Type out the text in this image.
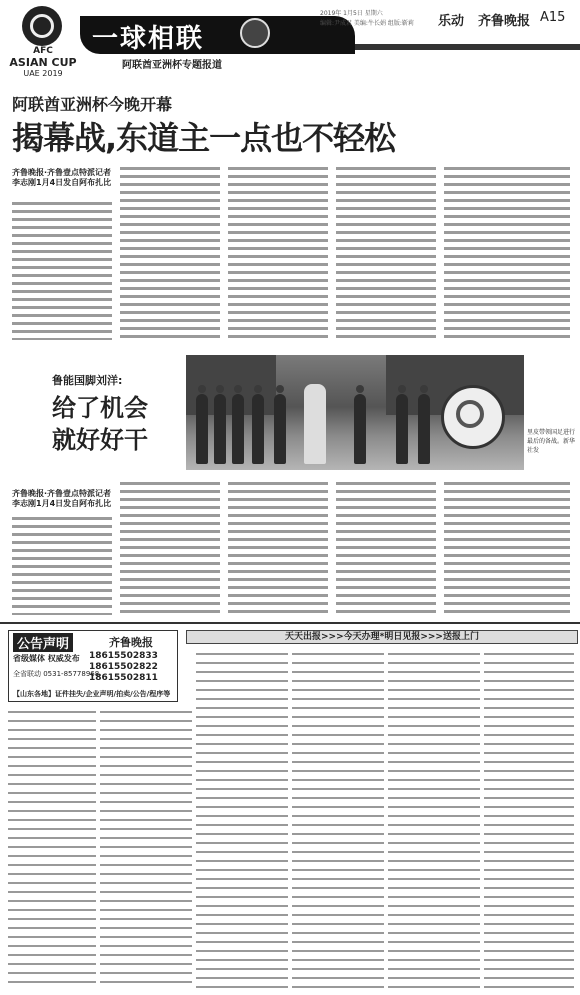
AFC
ASIAN CUP
UAE 2019
一球相联
阿联酋亚洲杯专题报道
2019年 1月5日 星期六
编辑:尹成君 美编:牛长娟 组版:靳莉 乐动 齐鲁晚报 A15
阿联酋亚洲杯今晚开幕
揭幕战,东道主一点也不轻松
齐鲁晚报·齐鲁壹点特派记者 李志刚1月4日发自阿布扎比
鲁能国脚刘洋:
给了机会
就好好干	里皮带领国足进行最后的备战。新华社发
齐鲁晚报·齐鲁壹点特派记者 李志刚1月4日发自阿布扎比
公告声明	齐鲁晚报
省级媒体 权威发布 18615502833
18615502822
18615502811
全省联动 0531-85778968
【山东各地】证件挂失/企业声明/拍卖/公告/程序等
天天出报>>>今天办理*明日见报>>>送报上门
